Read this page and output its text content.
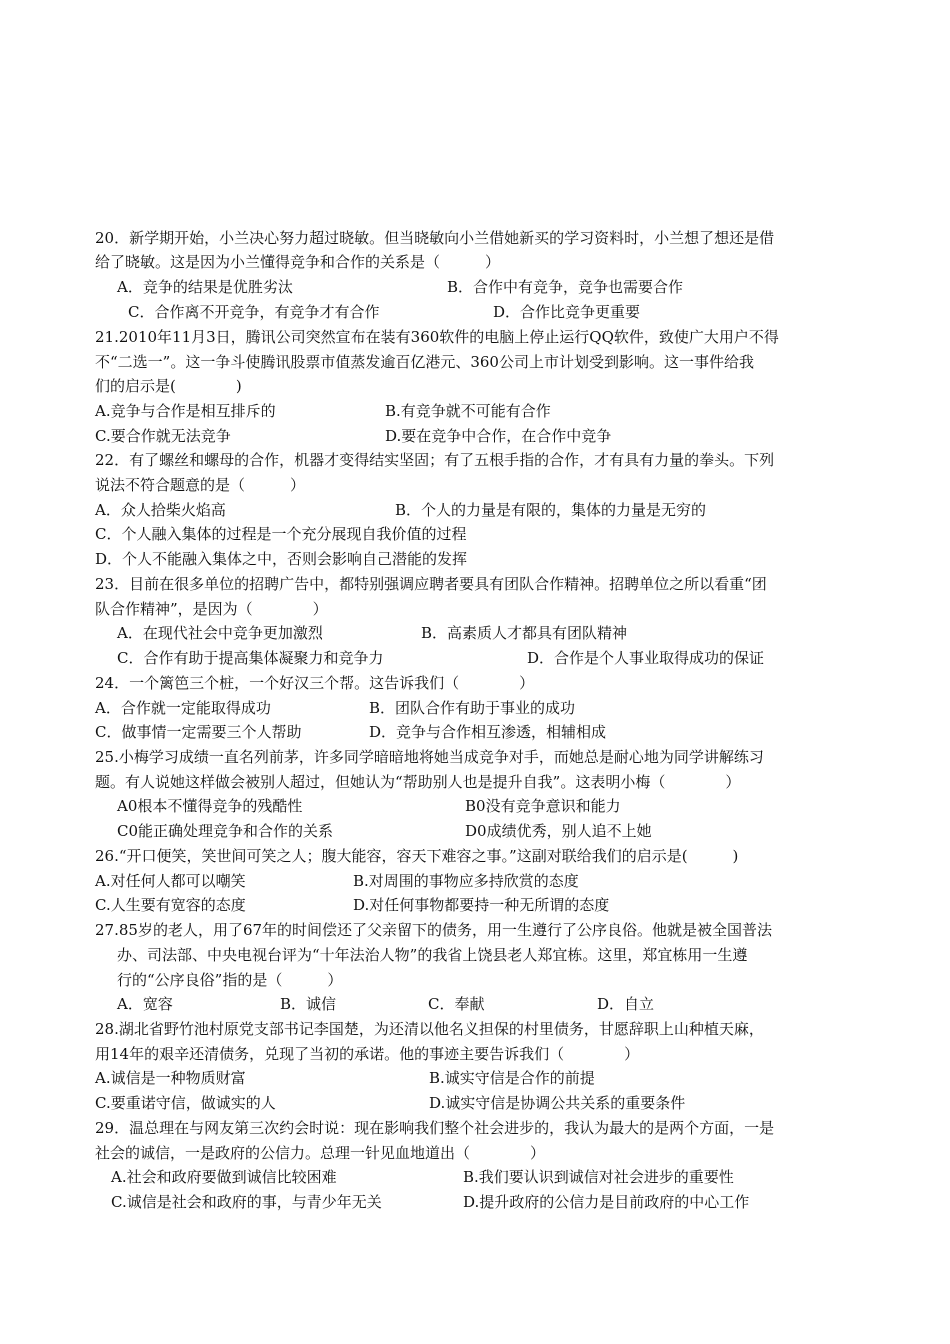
20．新学期开始，小兰决心努力超过晓敏。但当晓敏向小兰借她新买的学习资料时，小兰想了想还是借
给了晓敏。这是因为小兰懂得竞争和合作的关系是（　　　）
A．竞争的结果是优胜劣汰	B．合作中有竞争，竞争也需要合作
C．合作离不开竞争，有竞争才有合作	D．合作比竞争更重要
21.2010年11月3日，腾讯公司突然宣布在装有360软件的电脑上停止运行QQ软件，致使广大用户不得
不“二选一”。这一争斗使腾讯股票市值蒸发逾百亿港元、360公司上市计划受到影响。这一事件给我
们的启示是(　　　　)
A.竞争与合作是相互排斥的	B.有竞争就不可能有合作
C.要合作就无法竞争	D.要在竞争中合作，在合作中竞争
22．有了螺丝和螺母的合作，机器才变得结实坚固；有了五根手指的合作，才有具有力量的拳头。下列
说法不符合题意的是（　　　）
A．众人拾柴火焰高	B．个人的力量是有限的，集体的力量是无穷的
C．个人融入集体的过程是一个充分展现自我价值的过程
D．个人不能融入集体之中，否则会影响自己潜能的发挥
23．目前在很多单位的招聘广告中，都特别强调应聘者要具有团队合作精神。招聘单位之所以看重“团
队合作精神”，是因为（　　　　）
A．在现代社会中竞争更加激烈	B．高素质人才都具有团队精神
C．合作有助于提高集体凝聚力和竞争力	D．合作是个人事业取得成功的保证
24．一个篱笆三个桩，一个好汉三个帮。这告诉我们（　　　　）
A．合作就一定能取得成功	B．团队合作有助于事业的成功
C．做事情一定需要三个人帮助	D．竞争与合作相互渗透，相辅相成
25.小梅学习成绩一直名列前茅，许多同学暗暗地将她当成竞争对手，而她总是耐心地为同学讲解练习
题。有人说她这样做会被别人超过，但她认为“帮助别人也是提升自我”。这表明小梅（　　　　）
A0根本不懂得竞争的残酷性	B0没有竞争意识和能力
C0能正确处理竞争和合作的关系	D0成绩优秀，别人追不上她
26.“开口便笑，笑世间可笑之人；腹大能容，容天下难容之事。”这副对联给我们的启示是(　　　)
A.对任何人都可以嘲笑	B.对周围的事物应多持欣赏的态度
C.人生要有宽容的态度	D.对任何事物都要持一种无所谓的态度
27.85岁的老人，用了67年的时间偿还了父亲留下的债务，用一生遵行了公序良俗。他就是被全国普法
办、司法部、中央电视台评为“十年法治人物”的我省上饶县老人郑宜栋。这里，郑宜栋用一生遵
行的“公序良俗”指的是（　　　）
A．宽容	B．诚信	C．奉献	D．自立
28.湖北省野竹池村原党支部书记李国楚，为还清以他名义担保的村里债务，甘愿辞职上山种植天麻，
用14年的艰辛还清债务，兑现了当初的承诺。他的事迹主要告诉我们（　　　　）
A.诚信是一种物质财富	B.诚实守信是合作的前提
C.要重诺守信，做诚实的人	D.诚实守信是协调公共关系的重要条件
29．温总理在与网友第三次约会时说：现在影响我们整个社会进步的，我认为最大的是两个方面，一是
社会的诚信，一是政府的公信力。总理一针见血地道出（　　　　）
A.社会和政府要做到诚信比较困难	B.我们要认识到诚信对社会进步的重要性
C.诚信是社会和政府的事，与青少年无关	D.提升政府的公信力是目前政府的中心工作
